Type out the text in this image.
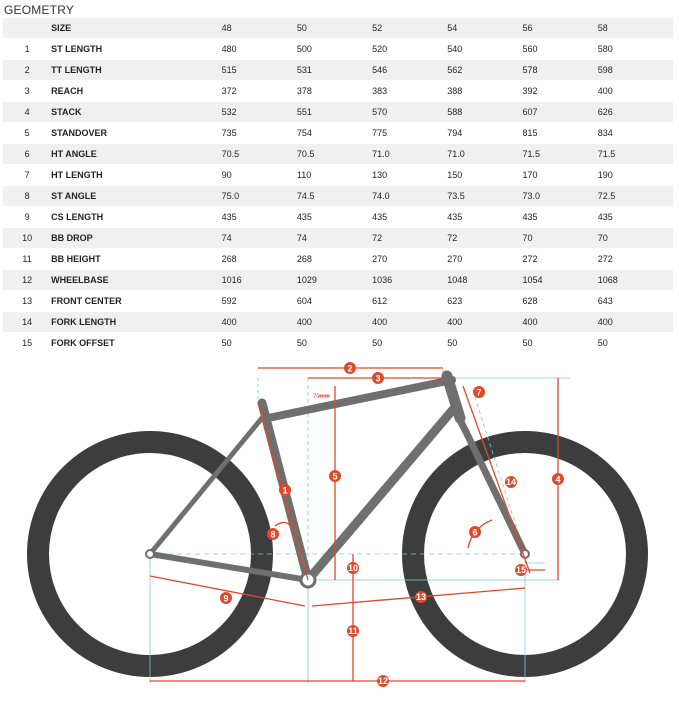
GEOMETRY
	SIZE	48	50	52	54	56	58
1	ST LENGTH	480	500	520	540	560	580
2	TT LENGTH	515	531	546	562	578	598
3	REACH	372	378	383	388	392	400
4	STACK	532	551	570	588	607	626
5	STANDOVER	735	754	775	794	815	834
6	HT ANGLE	70.5	70.5	71.0	71.0	71.5	71.5
7	HT LENGTH	90	110	130	150	170	190
8	ST ANGLE	75.0	74.5	74.0	73.5	73.0	72.5
9	CS LENGTH	435	435	435	435	435	435
10	BB DROP	74	74	72	72	70	70
11	BB HEIGHT	268	268	270	270	272	272
12	WHEELBASE	1016	1029	1036	1048	1054	1068
13	FRONT CENTER	592	604	612	623	628	643
14	FORK LENGTH	400	400	400	400	400	400
15	FORK OFFSET	50	50	50	50	50	50
70mm
1
2
3
4
5
6
7
8
9
10
11
12
13
14
15
